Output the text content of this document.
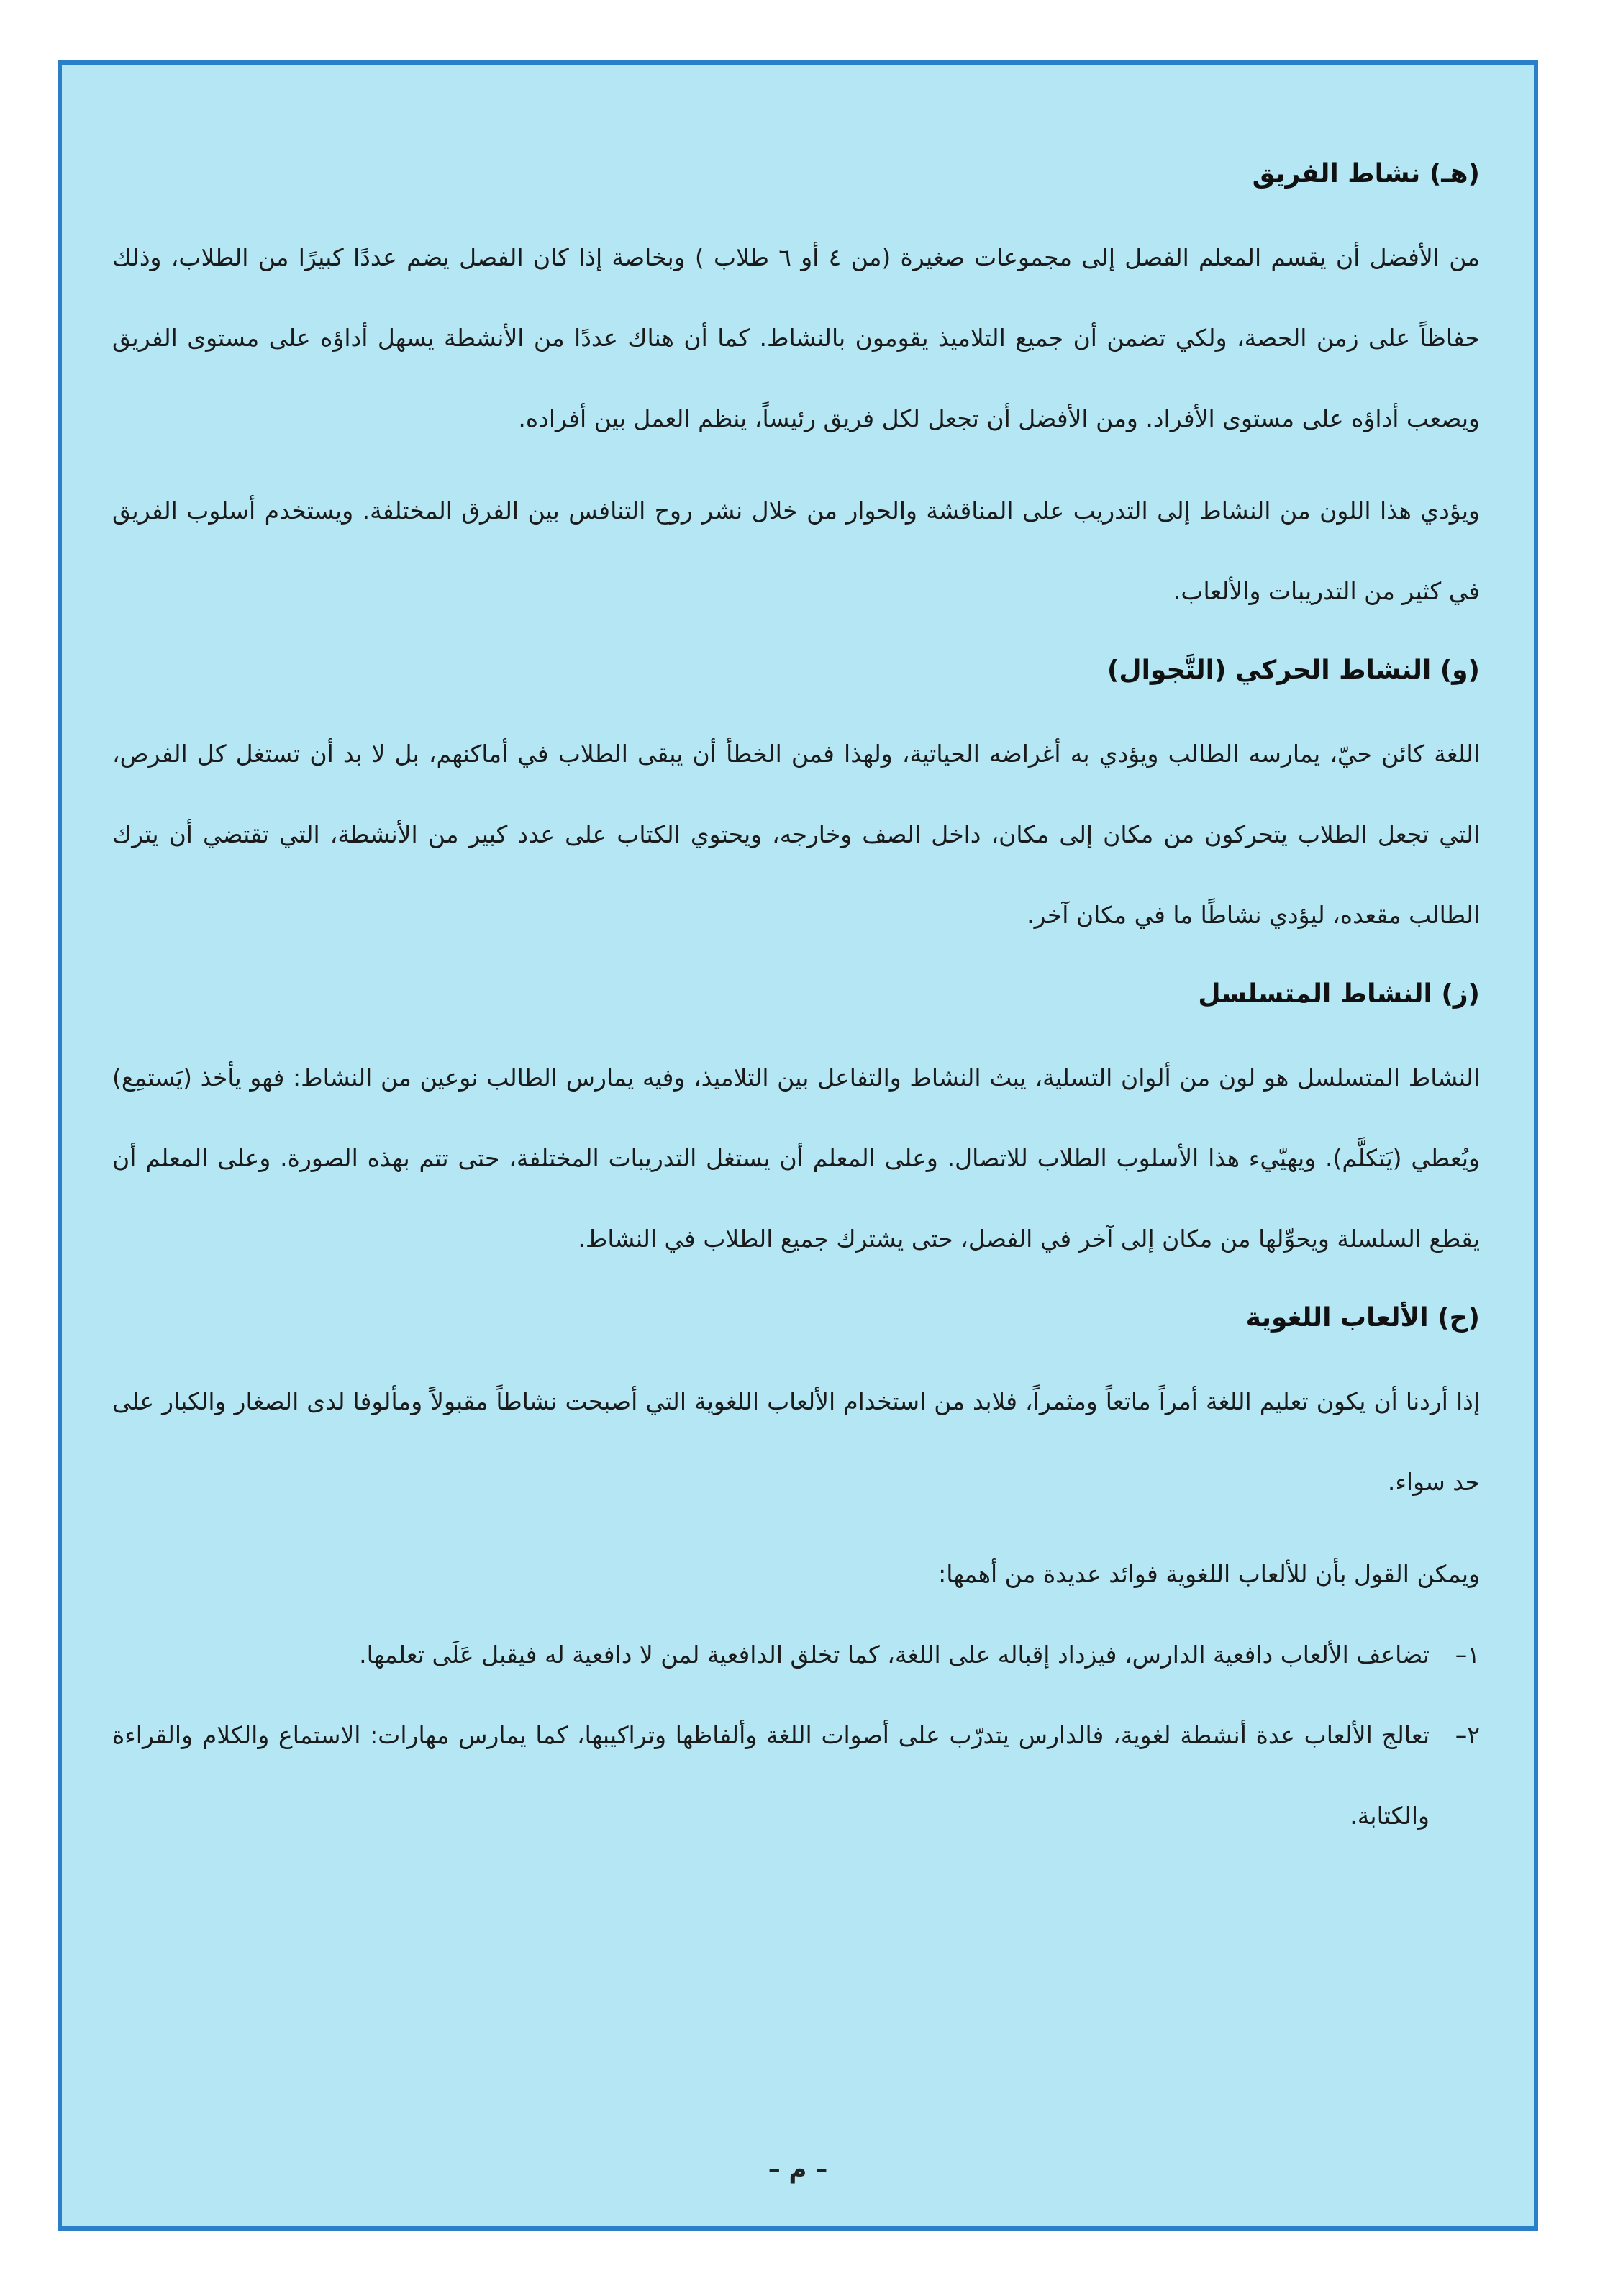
(هـ) نشاط الفريق

من الأفضل أن يقسم المعلم الفصل إلى مجموعات صغيرة (من ٤ أو ٦ طلاب ) وبخاصة إذا كان الفصل يضم عددًا كبيرًا من الطلاب، وذلك حفاظاً على زمن الحصة، ولكي تضمن أن جميع التلاميذ يقومون بالنشاط. كما أن هناك عددًا من الأنشطة يسهل أداؤه على مستوى الفريق ويصعب أداؤه على مستوى الأفراد. ومن الأفضل أن تجعل لكل فريق رئيساً، ينظم العمل بين أفراده.

ويؤدي هذا اللون من النشاط إلى التدريب على المناقشة والحوار من خلال نشر روح التنافس بين الفرق المختلفة. ويستخدم أسلوب الفريق في كثير من التدريبات والألعاب.

(و) النشاط الحركي (التَّجوال)

اللغة كائن حيّ، يمارسه الطالب ويؤدي به أغراضه الحياتية، ولهذا فمن الخطأ أن يبقى الطلاب في أماكنهم، بل لا بد أن تستغل كل الفرص، التي تجعل الطلاب يتحركون من مكان إلى مكان، داخل الصف وخارجه، ويحتوي الكتاب على عدد كبير من الأنشطة، التي تقتضي أن يترك الطالب مقعده، ليؤدي نشاطًا ما في مكان آخر.

(ز) النشاط المتسلسل

النشاط المتسلسل هو لون من ألوان التسلية، يبث النشاط والتفاعل بين التلاميذ، وفيه يمارس الطالب نوعين من النشاط: فهو يأخذ (يَستمِع) ويُعطي (يَتكلَّم). ويهيّيء هذا الأسلوب الطلاب للاتصال. وعلى المعلم أن يستغل التدريبات المختلفة، حتى تتم بهذه الصورة. وعلى المعلم أن يقطع السلسلة ويحوِّلها من مكان إلى آخر في الفصل، حتى يشترك جميع الطلاب في النشاط.

(ح) الألعاب اللغوية

إذا أردنا أن يكون تعليم اللغة أمراً ماتعاً ومثمراً، فلابد من استخدام الألعاب اللغوية التي أصبحت نشاطاً مقبولاً ومألوفا لدى الصغار والكبار على حد سواء.

ويمكن القول بأن للألعاب اللغوية فوائد عديدة من أهمها:

١–
تضاعف الألعاب دافعية الدارس، فيزداد إقباله على اللغة، كما تخلق الدافعية لمن لا دافعية له فيقبل عَلَى تعلمها.
٢–
تعالج الألعاب عدة أنشطة لغوية، فالدارس يتدرّب على أصوات اللغة وألفاظها وتراكيبها، كما يمارس مهارات: الاستماع والكلام والقراءة والكتابة.
– م –
